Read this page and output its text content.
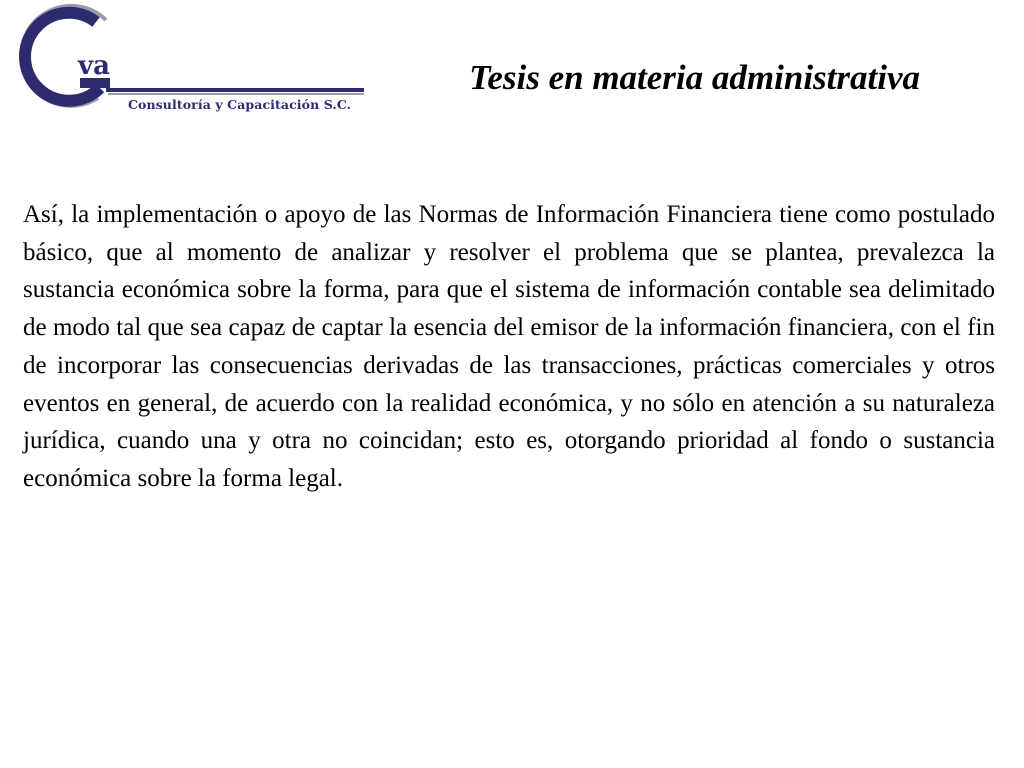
va
Consultoría y Capacitación S.C.
Tesis en materia administrativa

Así, la implementación o apoyo de las Normas de Información Financiera tiene como postulado básico, que al momento de analizar y resolver el problema que se plantea, prevalezca la sustancia económica sobre la forma, para que el sistema de información contable sea delimitado de modo tal que sea capaz de captar la esencia del emisor de la información financiera, con el fin de incorporar las consecuencias derivadas de las transacciones, prácticas comerciales y otros eventos en general, de acuerdo con la realidad económica, y no sólo en atención a su naturaleza jurídica, cuando una y otra no coincidan; esto es, otorgando prioridad al fondo o sustancia económica sobre la forma legal.
